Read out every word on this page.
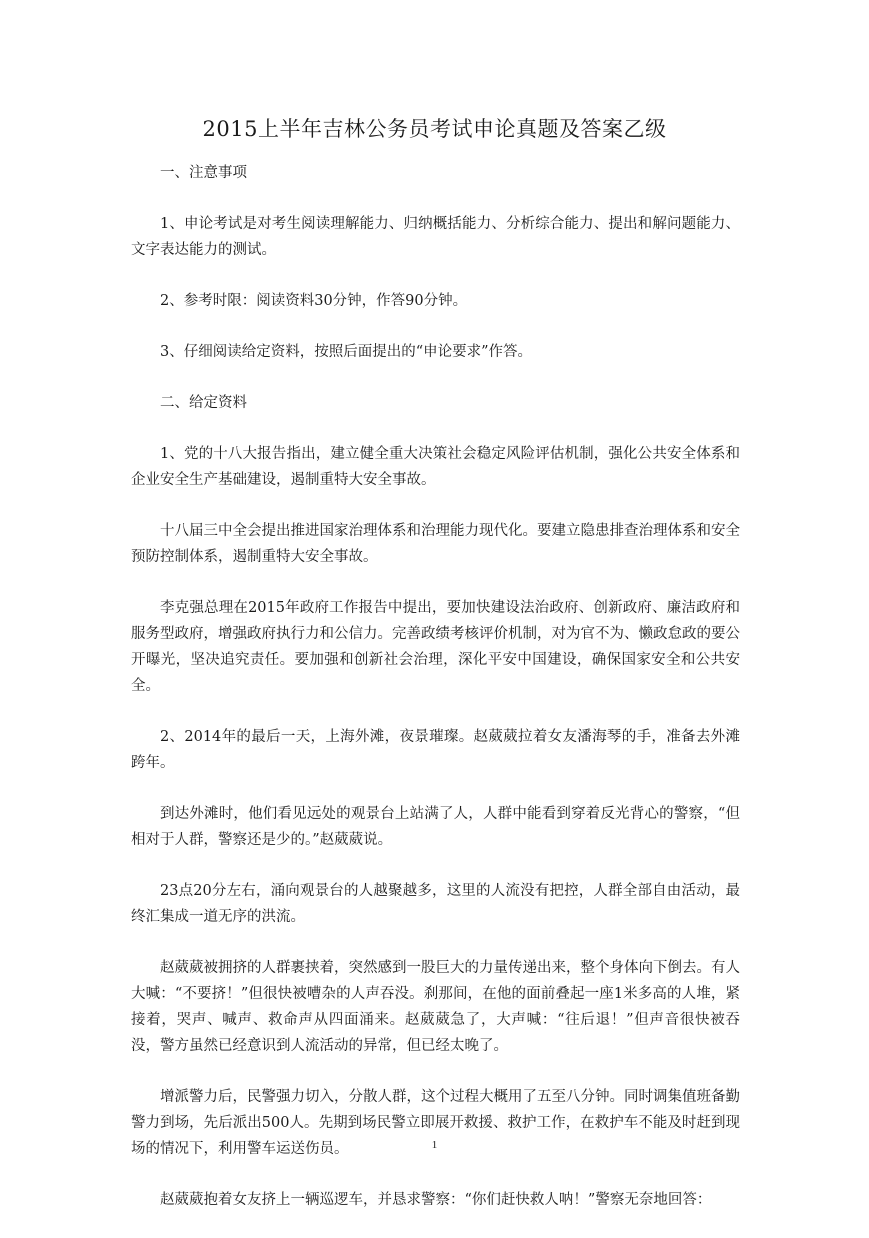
2015上半年吉林公务员考试申论真题及答案乙级

一、注意事项

1、申论考试是对考生阅读理解能力、归纳概括能力、分析综合能力、提出和解问题能力、文字表达能力的测试。

2、参考时限：阅读资料30分钟，作答90分钟。

3、仔细阅读给定资料，按照后面提出的“申论要求”作答。

二、给定资料

1、党的十八大报告指出，建立健全重大决策社会稳定风险评估机制，强化公共安全体系和企业安全生产基础建设，遏制重特大安全事故。

十八届三中全会提出推进国家治理体系和治理能力现代化。要建立隐患排查治理体系和安全预防控制体系，遏制重特大安全事故。

李克强总理在2015年政府工作报告中提出，要加快建设法治政府、创新政府、廉洁政府和服务型政府，增强政府执行力和公信力。完善政绩考核评价机制，对为官不为、懒政怠政的要公开曝光，坚决追究责任。要加强和创新社会治理，深化平安中国建设，确保国家安全和公共安全。

2、2014年的最后一天，上海外滩，夜景璀璨。赵葳葳拉着女友潘海琴的手，准备去外滩跨年。

到达外滩时，他们看见远处的观景台上站满了人，人群中能看到穿着反光背心的警察，“但相对于人群，警察还是少的。”赵葳葳说。

23点20分左右，涌向观景台的人越聚越多，这里的人流没有把控，人群全部自由活动，最终汇集成一道无序的洪流。

赵葳葳被拥挤的人群裹挟着，突然感到一股巨大的力量传递出来，整个身体向下倒去。有人大喊：“不要挤！”但很快被嘈杂的人声吞没。刹那间，在他的面前叠起一座1米多高的人堆，紧接着，哭声、喊声、救命声从四面涌来。赵葳葳急了，大声喊：“往后退！”但声音很快被吞没，警方虽然已经意识到人流活动的异常，但已经太晚了。

增派警力后，民警强力切入，分散人群，这个过程大概用了五至八分钟。同时调集值班备勤警力到场，先后派出500人。先期到场民警立即展开救援、救护工作，在救护车不能及时赶到现场的情况下，利用警车运送伤员。

赵葳葳抱着女友挤上一辆巡逻车，并恳求警察：“你们赶快救人呐！”警察无奈地回答：

1
